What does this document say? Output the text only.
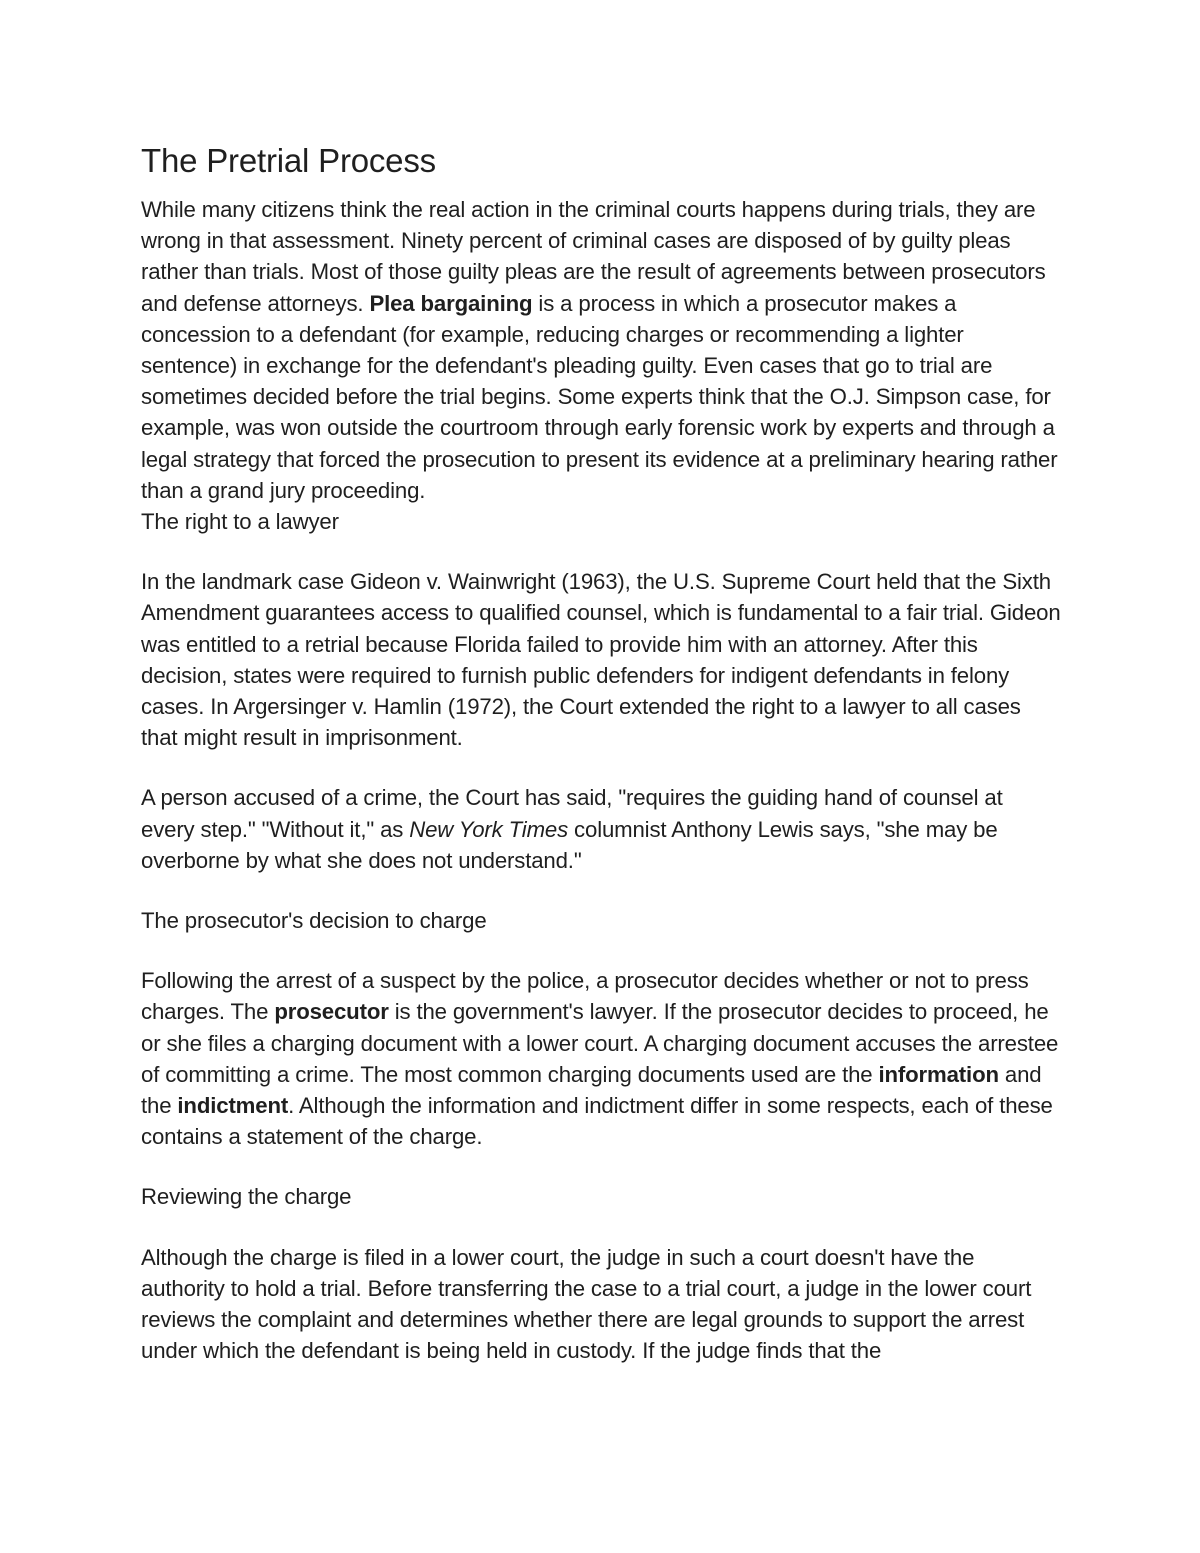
The Pretrial Process

While many citizens think the real action in the criminal courts happens during trials, they are wrong in that assessment. Ninety percent of criminal cases are disposed of by guilty pleas rather than trials. Most of those guilty pleas are the result of agreements between prosecutors and defense attorneys. Plea bargaining is a process in which a prosecutor makes a concession to a defendant (for example, reducing charges or recommending a lighter sentence) in exchange for the defendant's pleading guilty. Even cases that go to trial are sometimes decided before the trial begins. Some experts think that the O.J. Simpson case, for example, was won outside the courtroom through early forensic work by experts and through a legal strategy that forced the prosecution to present its evidence at a preliminary hearing rather than a grand jury proceeding.

The right to a lawyer

In the landmark case Gideon v. Wainwright (1963), the U.S. Supreme Court held that the Sixth Amendment guarantees access to qualified counsel, which is fundamental to a fair trial. Gideon was entitled to a retrial because Florida failed to provide him with an attorney. After this decision, states were required to furnish public defenders for indigent defendants in felony cases. In Argersinger v. Hamlin (1972), the Court extended the right to a lawyer to all cases that might result in imprisonment.

A person accused of a crime, the Court has said, "requires the guiding hand of counsel at every step." "Without it," as New York Times columnist Anthony Lewis says, "she may be overborne by what she does not understand."

The prosecutor's decision to charge

Following the arrest of a suspect by the police, a prosecutor decides whether or not to press charges. The prosecutor is the government's lawyer. If the prosecutor decides to proceed, he or she files a charging document with a lower court. A charging document accuses the arrestee of committing a crime. The most common charging documents used are the information and the indictment. Although the information and indictment differ in some respects, each of these contains a statement of the charge.

Reviewing the charge

Although the charge is filed in a lower court, the judge in such a court doesn't have the authority to hold a trial. Before transferring the case to a trial court, a judge in the lower court reviews the complaint and determines whether there are legal grounds to support the arrest under which the defendant is being held in custody. If the judge finds that the
